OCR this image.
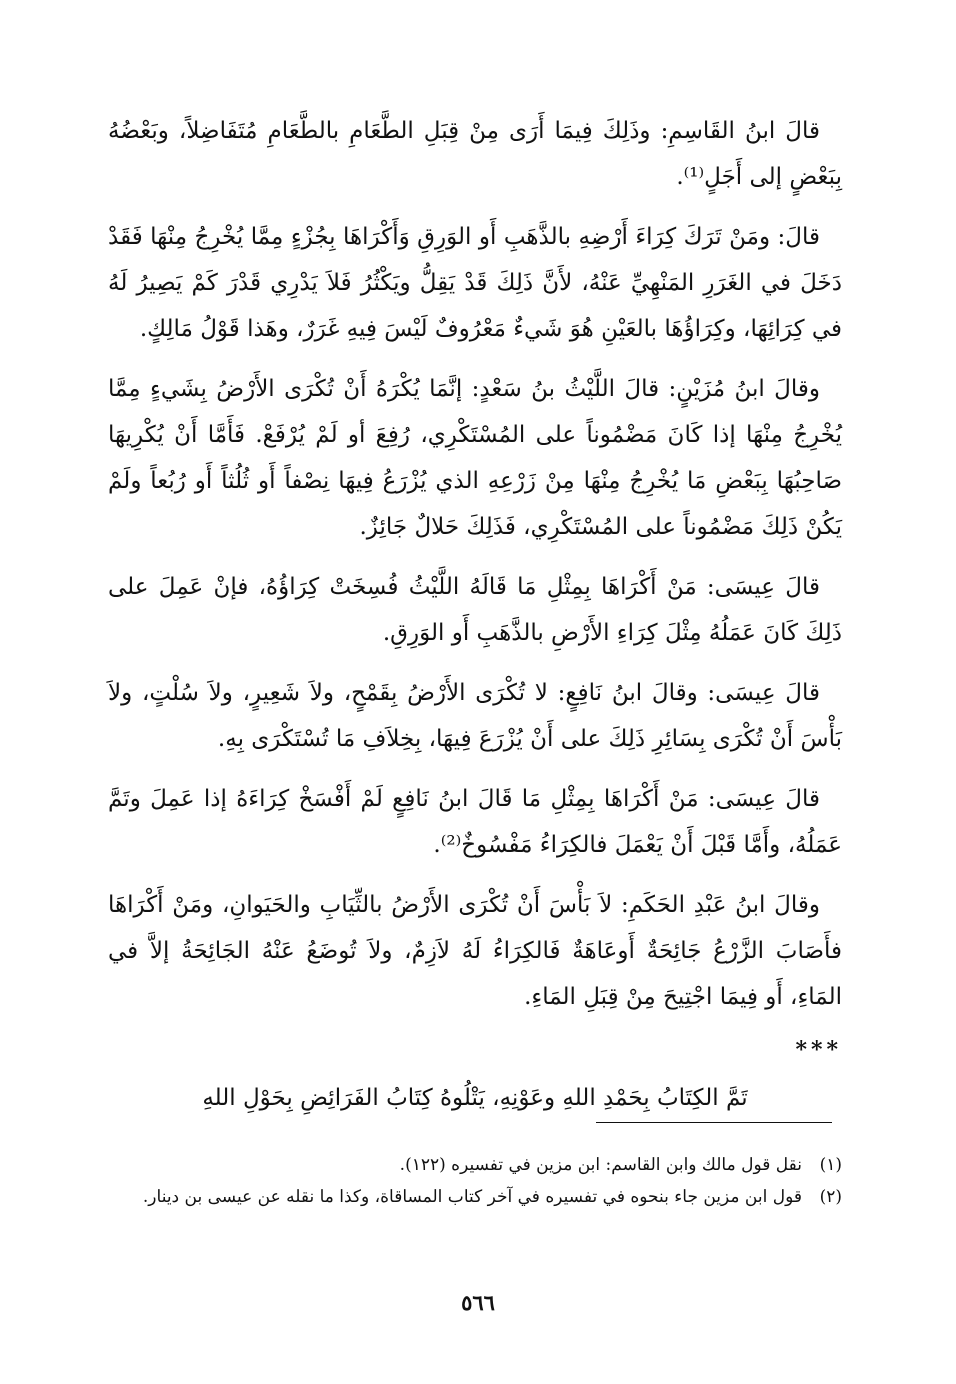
قالَ ابنُ القَاسِمِ: وذَلِكَ فِيمَا أَرَى مِنْ قِبَلِ الطَّعَامِ بالطَّعَامِ مُتَفَاضِلاً، وبَعْضُهُ بِبَعْضٍ إلى أَجَلٍ⁽¹⁾.

قالَ: ومَنْ تَرَكَ كِرَاءَ أَرْضِهِ بالذَّهَبِ أَو الوَرِقِ وَأَكْرَاهَا بِجُزْءٍ مِمَّا يُخْرِجُ مِنْهَا فَقَدْ دَخَلَ في الغَرَرِ المَنْهِيِّ عَنْهُ، لأَنَّ ذَلِكَ قَدْ يَقِلُّ ويَكْثُرُ فَلاَ يَدْرِي قَدْرَ كَمْ يَصِيرُ لَهُ في كِرَائِهَا، وكِرَاؤُهَا بالعَيْنِ هُوَ شَيءٌ مَعْرُوفٌ لَيْسَ فِيهِ غَرَرٌ، وهَذا قَوْلُ مَالِكٍ.

وقالَ ابنُ مُزَيْنٍ: قالَ اللَّيْثُ بنُ سَعْدٍ: إنَّمَا يُكْرَهُ أَنْ تُكْرَى الأَرْضُ بِشَيءٍ مِمَّا يُخْرِجُ مِنْهَا إذا كَانَ مَضْمُوناً على المُسْتَكْرِي، رُفِعَ أو لَمْ يُرْفَعْ. فَأَمَّا أَنْ يُكْرِيهَا صَاحِبُهَا بِبَعْضِ مَا يُخْرِجُ مِنْهَا مِنْ زَرْعِهِ الذي يُزْرَعُ فِيهَا نِصْفاً أَو ثُلُثاً أَو رُبُعاً ولَمْ يَكُنْ ذَلِكَ مَضْمُوناً على المُسْتَكْرِي، فَذَلِكَ حَلالٌ جَائِزٌ.

قالَ عِيسَى: مَنْ أَكْرَاهَا بِمِثْلِ مَا قَالَهُ اللَّيْثُ فُسِخَتْ كِرَاؤُهُ، فإنْ عَمِلَ على ذَلِكَ كَانَ عَمَلُهُ مِثْلَ كِرَاءِ الأَرْضِ بالذَّهَبِ أَو الوَرِقِ.

قالَ عِيسَى: وقالَ ابنُ نَافِعٍ: لا تُكْرَى الأَرْضُ بِقَمْحٍ، ولاَ شَعِيرٍ، ولاَ سُلْتٍ، ولاَ بَأْسَ أَنْ تُكْرَى بِسَائِرِ ذَلِكَ على أَنْ يُزْرَعَ فِيهَا، بِخِلاَفِ مَا تُسْتَكْرَى بِهِ.

قالَ عِيسَى: مَنْ أَكْرَاهَا بِمِثْلِ مَا قَالَ ابنُ نَافِعٍ لَمْ أَفْسَخْ كِرَاءَهُ إذا عَمِلَ وتَمَّ عَمَلُهُ، وأَمَّا قَبْلَ أَنْ يَعْمَلَ فالكِرَاءُ مَفْسُوخٌ⁽²⁾.

وقالَ ابنُ عَبْدِ الحَكَمِ: لاَ بَأْسَ أَنْ تُكْرَى الأَرْضُ بالثِّيَابِ والحَيَوانِ، ومَنْ أَكْرَاهَا فأَصَابَ الزَّرْعُ جَائِحَةٌ أَوعَاهَةٌ فَالكِرَاءُ لَهُ لاَزِمٌ، ولاَ تُوضَعُ عَنْهُ الجَائِحَةُ إلاَّ في المَاءِ، أَو فِيمَا اجْتِيحَ مِنْ قِبَلِ المَاءِ.

***
تَمَّ الكِتَابُ بِحَمْدِ اللهِ وعَوْنِهِ، يَتْلُوهُ كِتَابُ الفَرَائِضِ بِحَوْلِ اللهِ
(١)
نقل قول مالك وابن القاسم: ابن مزين في تفسيره (١٢٢).
(٢)
قول ابن مزين جاء بنحوه في تفسيره في آخر كتاب المساقاة، وكذا ما نقله عن عيسى بن دينار.
٥٦٦
